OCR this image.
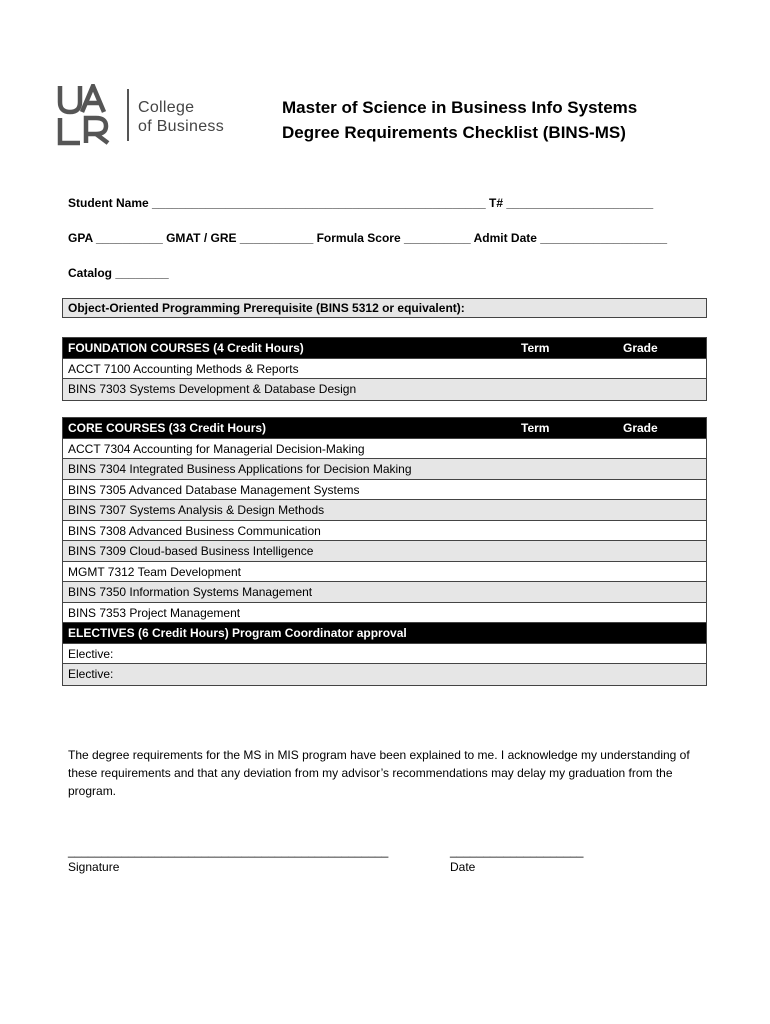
College
of Business
Master of Science in Business Info Systems
Degree Requirements Checklist (BINS-MS)
Student Name __________________________________________________ T# ______________________
GPA __________ GMAT / GRE ___________ Formula Score __________ Admit Date ___________________
Catalog ________
Object-Oriented Programming Prerequisite (BINS 5312 or equivalent):
FOUNDATION COURSES (4 Credit Hours)	Term	Grade
ACCT 7100 Accounting Methods & Reports
BINS 7303 Systems Development & Database Design
CORE COURSES (33 Credit Hours)	Term	Grade
ACCT 7304 Accounting for Managerial Decision-Making
BINS 7304 Integrated Business Applications for Decision Making
BINS 7305 Advanced Database Management Systems
BINS 7307 Systems Analysis & Design Methods
BINS 7308 Advanced Business Communication
BINS 7309 Cloud-based Business Intelligence
MGMT 7312 Team Development
BINS 7350 Information Systems Management
BINS 7353 Project Management
ELECTIVES (6 Credit Hours) Program Coordinator approval
Elective:
Elective:
The degree requirements for the MS in MIS program have been explained to me. I acknowledge my understanding of these requirements and that any deviation from my advisor’s recommendations may delay my graduation from the program.
________________________________________________
Signature
____________________
Date
